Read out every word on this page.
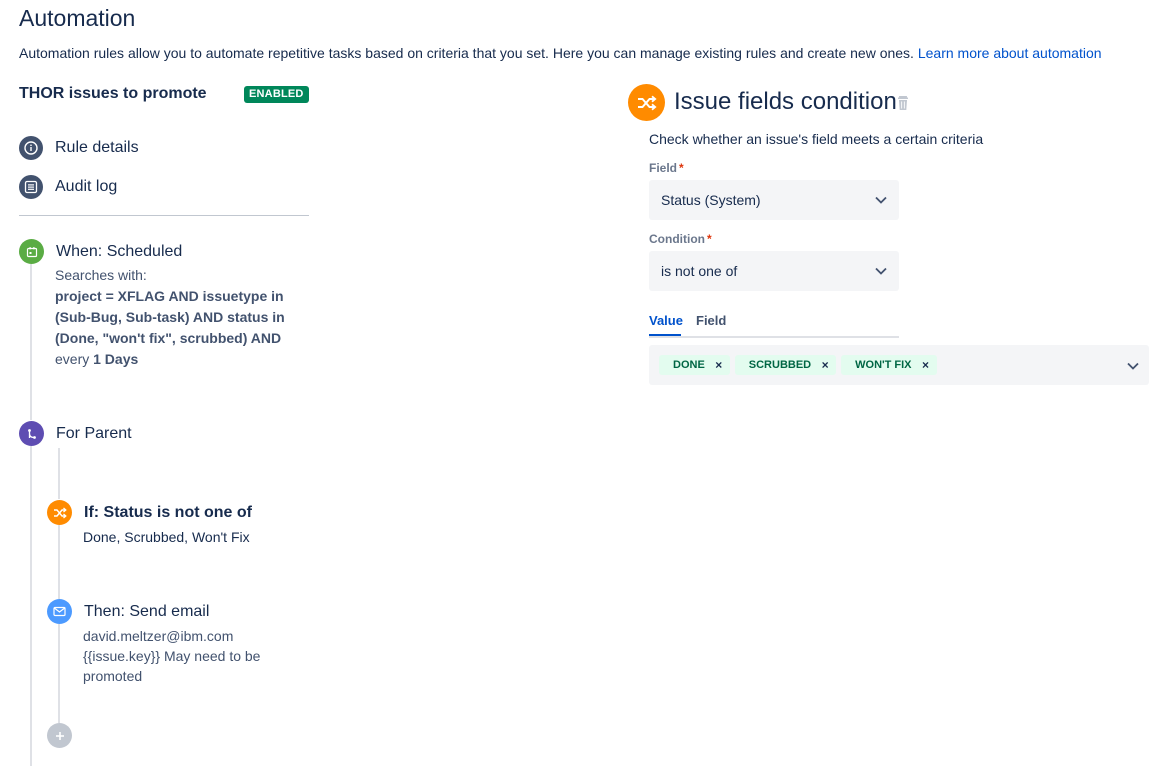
Automation
Automation rules allow you to automate repetitive tasks based on criteria that you set. Here you can manage existing rules and create new ones. Learn more about automation
THOR issues to promote	ENABLED
Rule details
Audit log
When: Scheduled
Searches with:
project = XFLAG AND issuetype in
(Sub-Bug, Sub-task) AND status in
(Done, "won't fix", scrubbed) AND
every 1 Days
For Parent
If: Status is not one of
Done, Scrubbed, Won't Fix
Then: Send email
david.meltzer@ibm.com
{{issue.key}} May need to be
promoted
Issue fields condition
Check whether an issue's field meets a certain criteria
Field *
Status (System)
Condition *
is not one of
Value Field
DONE × SCRUBBED × WON'T FIX ×
